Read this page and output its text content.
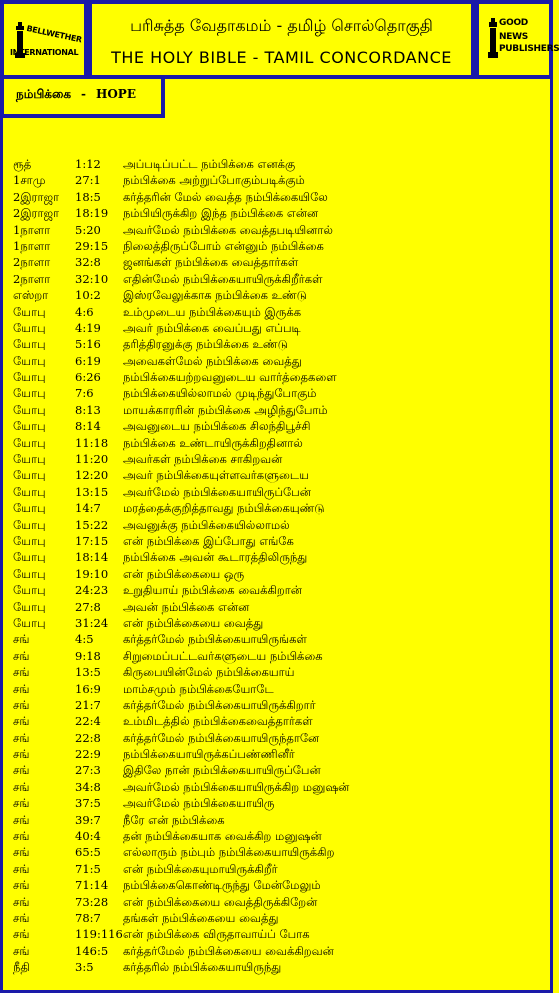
BELLWETHER
INTERNATIONAL
பரிசுத்த வேதாகமம் - தமிழ் சொல்தொகுதி
THE HOLY BIBLE - TAMIL CONCORDANCE
GOOD NEWS
PUBLISHERS
நம்பிக்கை - HOPE
ரூத்	1:12 அப்படிப்பட்ட நம்பிக்கை எனக்கு
1சாமு	27:1 நம்பிக்கை அற்றுப்போகும்படிக்கும்
2இராஜா 18:5 கர்த்தரின் மேல் வைத்த நம்பிக்கையிலே
2இராஜா 18:19 நம்பியிருக்கிற இந்த நம்பிக்கை என்ன
1நாளா 5:20 அவர்மேல் நம்பிக்கை வைத்தபடியினால்
1நாளா 29:15 நிலைத்திருப்போம் என்னும் நம்பிக்கை
2நாளா 32:8 ஜனங்கள் நம்பிக்கை வைத்தார்கள்
2நாளா 32:10 எதின்மேல் நம்பிக்கையாயிருக்கிறீர்கள்
எஸ்றா 10:2 இஸ்ரவேலுக்காக நம்பிக்கை உண்டு
யோபு	4:6	உம்முடைய நம்பிக்கையும் இருக்க
யோபு	4:19 அவர் நம்பிக்கை வைப்பது எப்படி
யோபு	5:16 தரித்திரனுக்கு நம்பிக்கை உண்டு
யோபு	6:19 அவைகள்மேல் நம்பிக்கை வைத்து
யோபு	6:26 நம்பிக்கையற்றவனுடைய வார்த்தைகளை
யோபு	7:6	நம்பிக்கையில்லாமல் முடிந்துபோகும்
யோபு	8:13 மாயக்காரரின் நம்பிக்கை அழிந்துபோம்
யோபு	8:14 அவனுடைய நம்பிக்கை சிலந்திபூச்சி
யோபு	11:18 நம்பிக்கை உண்டாயிருக்கிறதினால்
யோபு	11:20 அவர்கள் நம்பிக்கை சாகிறவன்
யோபு	12:20 அவர் நம்பிக்கையுள்ளவர்களுடைய
யோபு	13:15 அவர்மேல் நம்பிக்கையாயிருப்பேன்
யோபு	14:7 மரத்தைக்குறித்தாவது நம்பிக்கையுண்டு
யோபு	15:22 அவனுக்கு நம்பிக்கையில்லாமல்
யோபு	17:15 என் நம்பிக்கை இப்போது எங்கே
யோபு	18:14 நம்பிக்கை அவன் கூடாரத்திலிருந்து
யோபு	19:10 என் நம்பிக்கையை ஒரு
யோபு	24:23 உறுதியாய் நம்பிக்கை வைக்கிறான்
யோபு	27:8 அவன் நம்பிக்கை என்ன
யோபு	31:24 என் நம்பிக்கையை வைத்து
சங்	4:5	கர்த்தர்மேல் நம்பிக்கையாயிருங்கள்
சங்	9:18 சிறுமைப்பட்டவர்களுடைய நம்பிக்கை
சங்	13:5 கிருபையின்மேல் நம்பிக்கையாய்
சங்	16:9 மாம்சமும் நம்பிக்கையோடே
சங்	21:7 கர்த்தர்மேல் நம்பிக்கையாயிருக்கிறார்
சங்	22:4 உம்மிடத்தில் நம்பிக்கைவைத்தார்கள்
சங்	22:8 கர்த்தர்மேல் நம்பிக்கையாயிருந்தானே
சங்	22:9 நம்பிக்கையாயிருக்கப்பண்ணினீர்
சங்	27:3 இதிலே நான் நம்பிக்கையாயிருப்பேன்
சங்	34:8 அவர்மேல் நம்பிக்கையாயிருக்கிற மனுஷன்
சங்	37:5 அவர்மேல் நம்பிக்கையாயிரு
சங்	39:7 நீரே என் நம்பிக்கை
சங்	40:4 தன் நம்பிக்கையாக வைக்கிற மனுஷன்
சங்	65:5 எல்லாரும் நம்பும் நம்பிக்கையாயிருக்கிற
சங்	71:5 என் நம்பிக்கையுமாயிருக்கிறீர்
சங்	71:14 நம்பிக்கைகொண்டிருந்து மேன்மேலும்
சங்	73:28 என் நம்பிக்கையை வைத்திருக்கிறேன்
சங்	78:7 தங்கள் நம்பிக்கையை வைத்து
சங்	119:116 என் நம்பிக்கை விருதாவாய்ப் போக
சங்	146:5 கர்த்தர்மேல் நம்பிக்கையை வைக்கிறவன்
நீதி	3:5	கர்த்தரில் நம்பிக்கையாயிருந்து
